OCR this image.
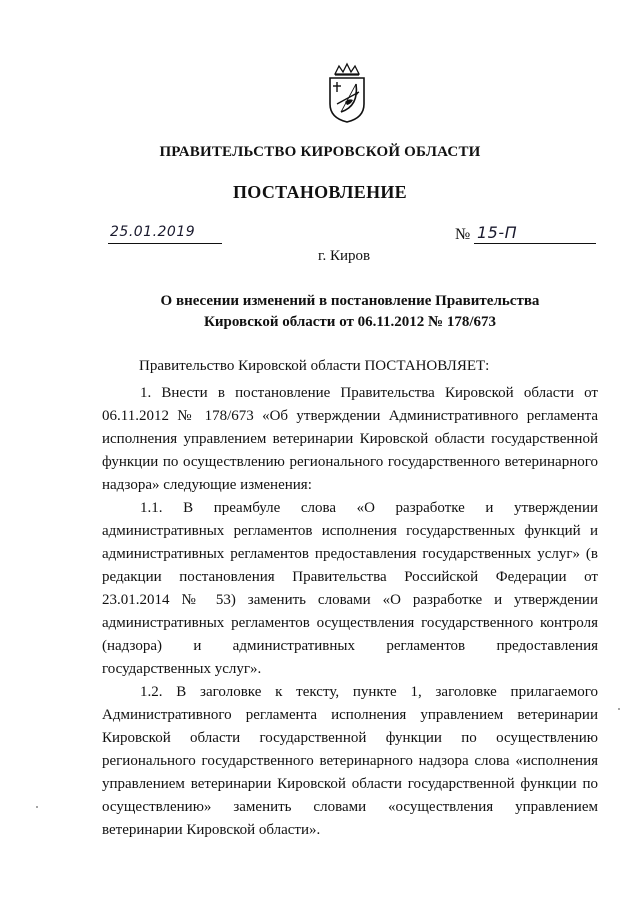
ПРАВИТЕЛЬСТВО КИРОВСКОЙ ОБЛАСТИ
ПОСТАНОВЛЕНИЕ
25.01.2019	№ 15-П
г. Киров
О внесении изменений в постановление Правительства
Кировской области от 06.11.2012 № 178/673
Правительство Кировской области ПОСТАНОВЛЯЕТ:

1. Внести в постановление Правительства Кировской области от 06.11.2012 № 178/673 «Об утверждении Административного регламента исполнения управлением ветеринарии Кировской области государственной функции по осуществлению регионального государственного ветеринарного надзора» следующие изменения:

1.1. В преамбуле слова «О разработке и утверждении административных регламентов исполнения государственных функций и административных регламентов предоставления государственных услуг» (в редакции постановления Правительства Российской Федерации от 23.01.2014 № 53) заменить словами «О разработке и утверждении административных регламентов осуществления государственного контроля (надзора) и административных регламентов предоставления государственных услуг».

1.2. В заголовке к тексту, пункте 1, заголовке прилагаемого Административного регламента исполнения управлением ветеринарии Кировской области государственной функции по осуществлению регионального государственного ветеринарного надзора слова «исполнения управлением ветеринарии Кировской области государственной функции по осуществлению» заменить словами «осуществления управлением ветеринарии Кировской области».
